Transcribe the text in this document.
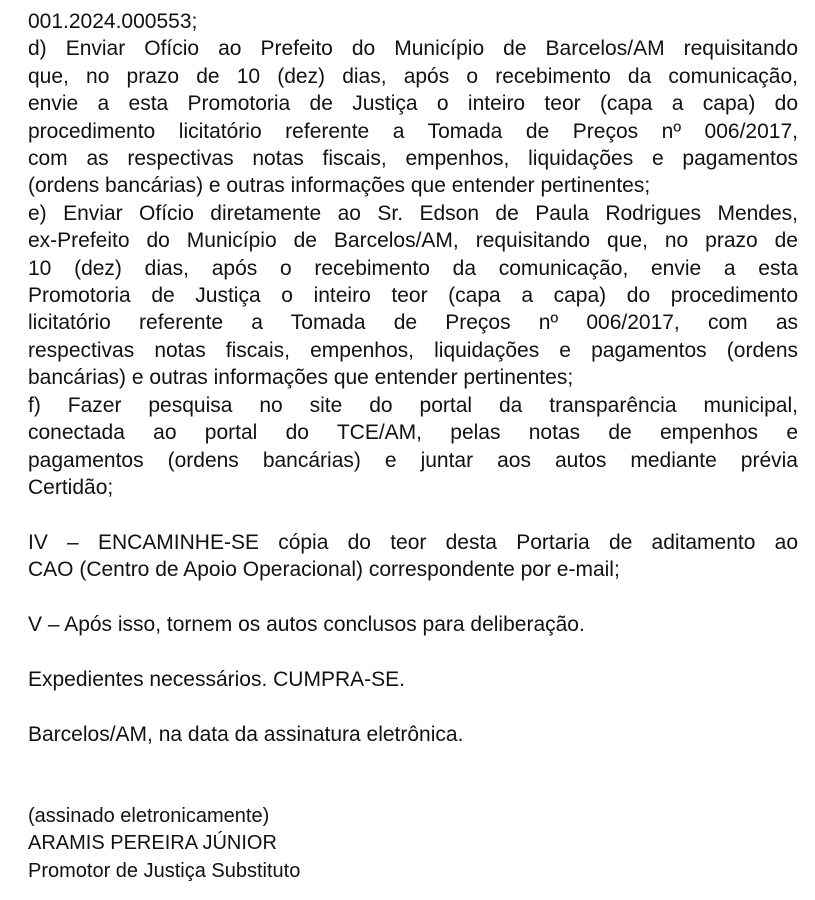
001.2024.000553;

d) Enviar Ofício ao Prefeito do Município de Barcelos/AM requisitando

que, no prazo de 10 (dez) dias, após o recebimento da comunicação,

envie a esta Promotoria de Justiça o inteiro teor (capa a capa) do

procedimento licitatório referente a Tomada de Preços nº 006/2017,

com as respectivas notas fiscais, empenhos, liquidações e pagamentos

(ordens bancárias) e outras informações que entender pertinentes;

e) Enviar Ofício diretamente ao Sr. Edson de Paula Rodrigues Mendes,

ex-Prefeito do Município de Barcelos/AM, requisitando que, no prazo de

10 (dez) dias, após o recebimento da comunicação, envie a esta

Promotoria de Justiça o inteiro teor (capa a capa) do procedimento

licitatório referente a Tomada de Preços nº 006/2017, com as

respectivas notas fiscais, empenhos, liquidações e pagamentos (ordens

bancárias) e outras informações que entender pertinentes;

f) Fazer pesquisa no site do portal da transparência municipal,

conectada ao portal do TCE/AM, pelas notas de empenhos e

pagamentos (ordens bancárias) e juntar aos autos mediante prévia

Certidão;

IV – ENCAMINHE-SE cópia do teor desta Portaria de aditamento ao

CAO (Centro de Apoio Operacional) correspondente por e-mail;

V – Após isso, tornem os autos conclusos para deliberação.

Expedientes necessários. CUMPRA-SE.

Barcelos/AM, na data da assinatura eletrônica.

(assinado eletronicamente)

ARAMIS PEREIRA JÚNIOR

Promotor de Justiça Substituto
